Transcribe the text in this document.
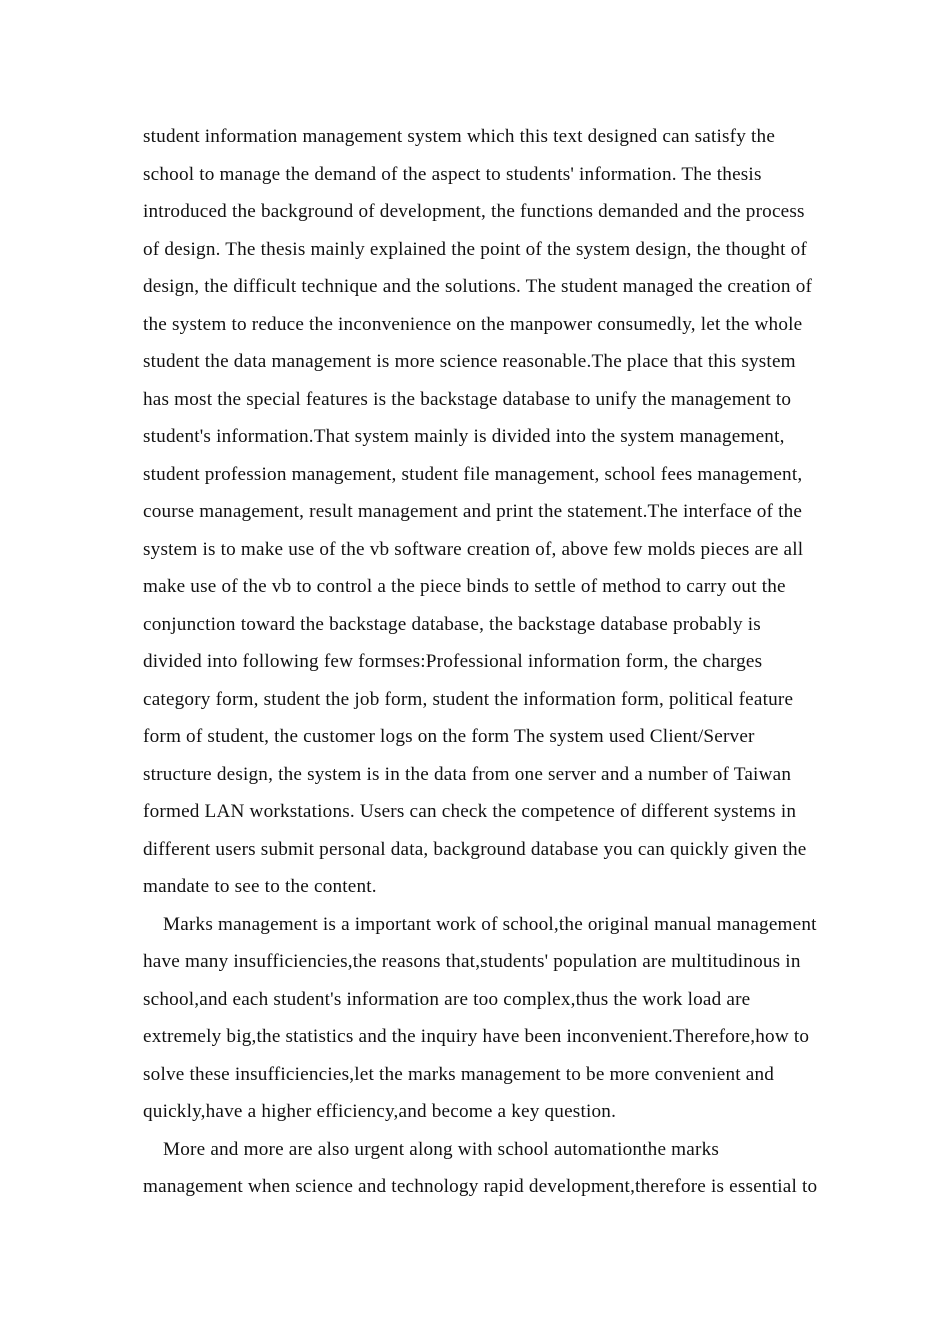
student information management system which this text designed can satisfy the
school to manage the demand of the aspect to students' information. The thesis
introduced the background of development, the functions demanded and the process
of design. The thesis mainly explained the point of the system design, the thought of
design, the difficult technique and the solutions. The student managed the creation of
the system to reduce the inconvenience on the manpower consumedly, let the whole
student the data management is more science reasonable.The place that this system
has most the special features is the backstage database to unify the management to
student's information.That system mainly is divided into the system management,
student profession management, student file management, school fees management,
course management, result management and print the statement.The interface of the
system is to make use of the vb software creation of, above few molds pieces are all
make use of the vb to control a the piece binds to settle of method to carry out the
conjunction toward the backstage database, the backstage database probably is
divided into following few formses:Professional information form, the charges
category form, student the job form, student the information form, political feature
form of student, the customer logs on the form The system used Client/Server
structure design, the system is in the data from one server and a number of Taiwan
formed LAN workstations. Users can check the competence of different systems in
different users submit personal data, background database you can quickly given the
mandate to see to the content.
Marks management is a important work of school,the original manual management
have many insufficiencies,the reasons that,students' population are multitudinous in
school,and each student's information are too complex,thus the work load are
extremely big,the statistics and the inquiry have been inconvenient.Therefore,how to
solve these insufficiencies,let the marks management to be more convenient and
quickly,have a higher efficiency,and become a key question.
More and more are also urgent along with school automationthe marks
management when science and technology rapid development,therefore is essential to
